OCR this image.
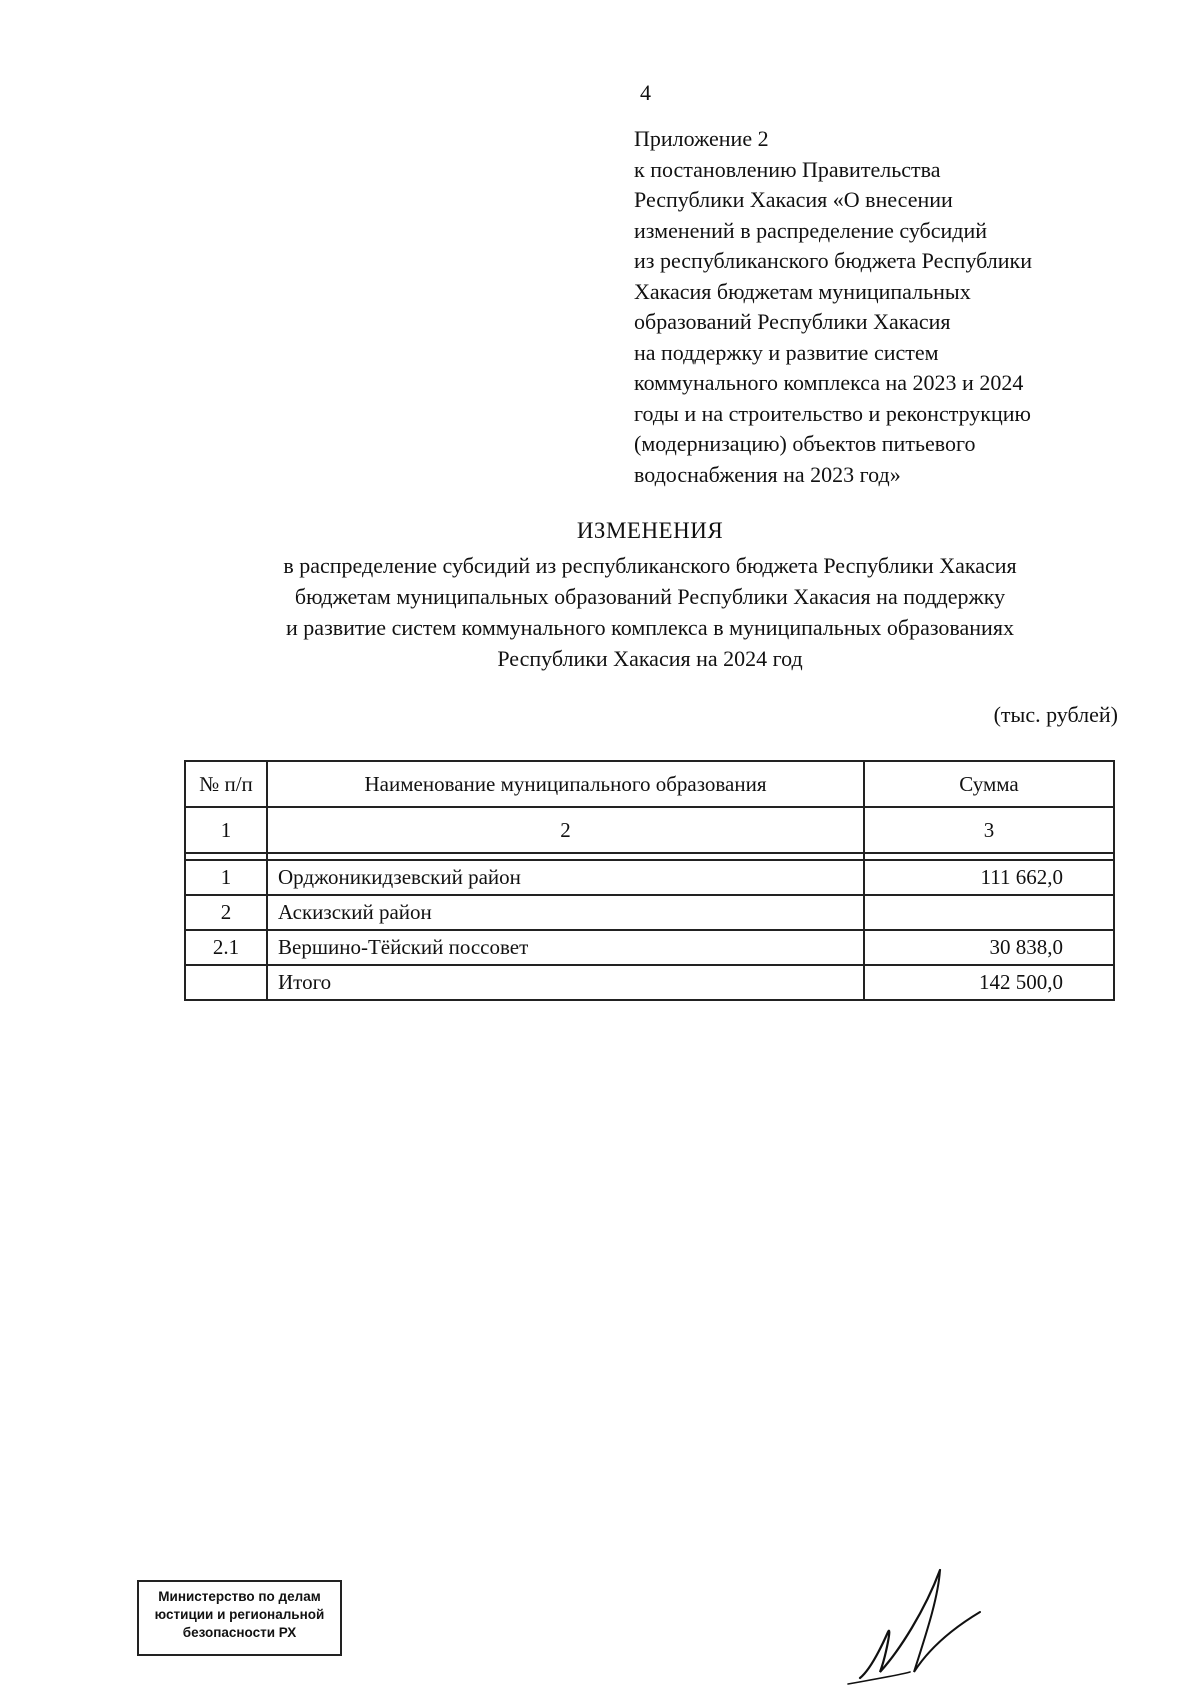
4
Приложение 2
к постановлению Правительства
Республики Хакасия «О внесении
изменений в распределение субсидий
из республиканского бюджета Республики
Хакасия бюджетам муниципальных
образований Республики Хакасия
на поддержку и развитие систем
коммунального комплекса на 2023 и 2024
годы и на строительство и реконструкцию
(модернизацию) объектов питьевого
водоснабжения на 2023 год»
ИЗМЕНЕНИЯ
в распределение субсидий из республиканского бюджета Республики Хакасия
бюджетам муниципальных образований Республики Хакасия на поддержку
и развитие систем коммунального комплекса в муниципальных образованиях
Республики Хакасия на 2024 год
(тыс. рублей)
№ п/п	Наименование муниципального образования	Сумма
1	2	3

1	Орджоникидзевский район	111 662,0
2	Аскизский район	
2.1	Вершино-Тёйский поссовет	30 838,0
	Итого	142 500,0
Министерство по делам
юстиции и региональной
безопасности РХ
